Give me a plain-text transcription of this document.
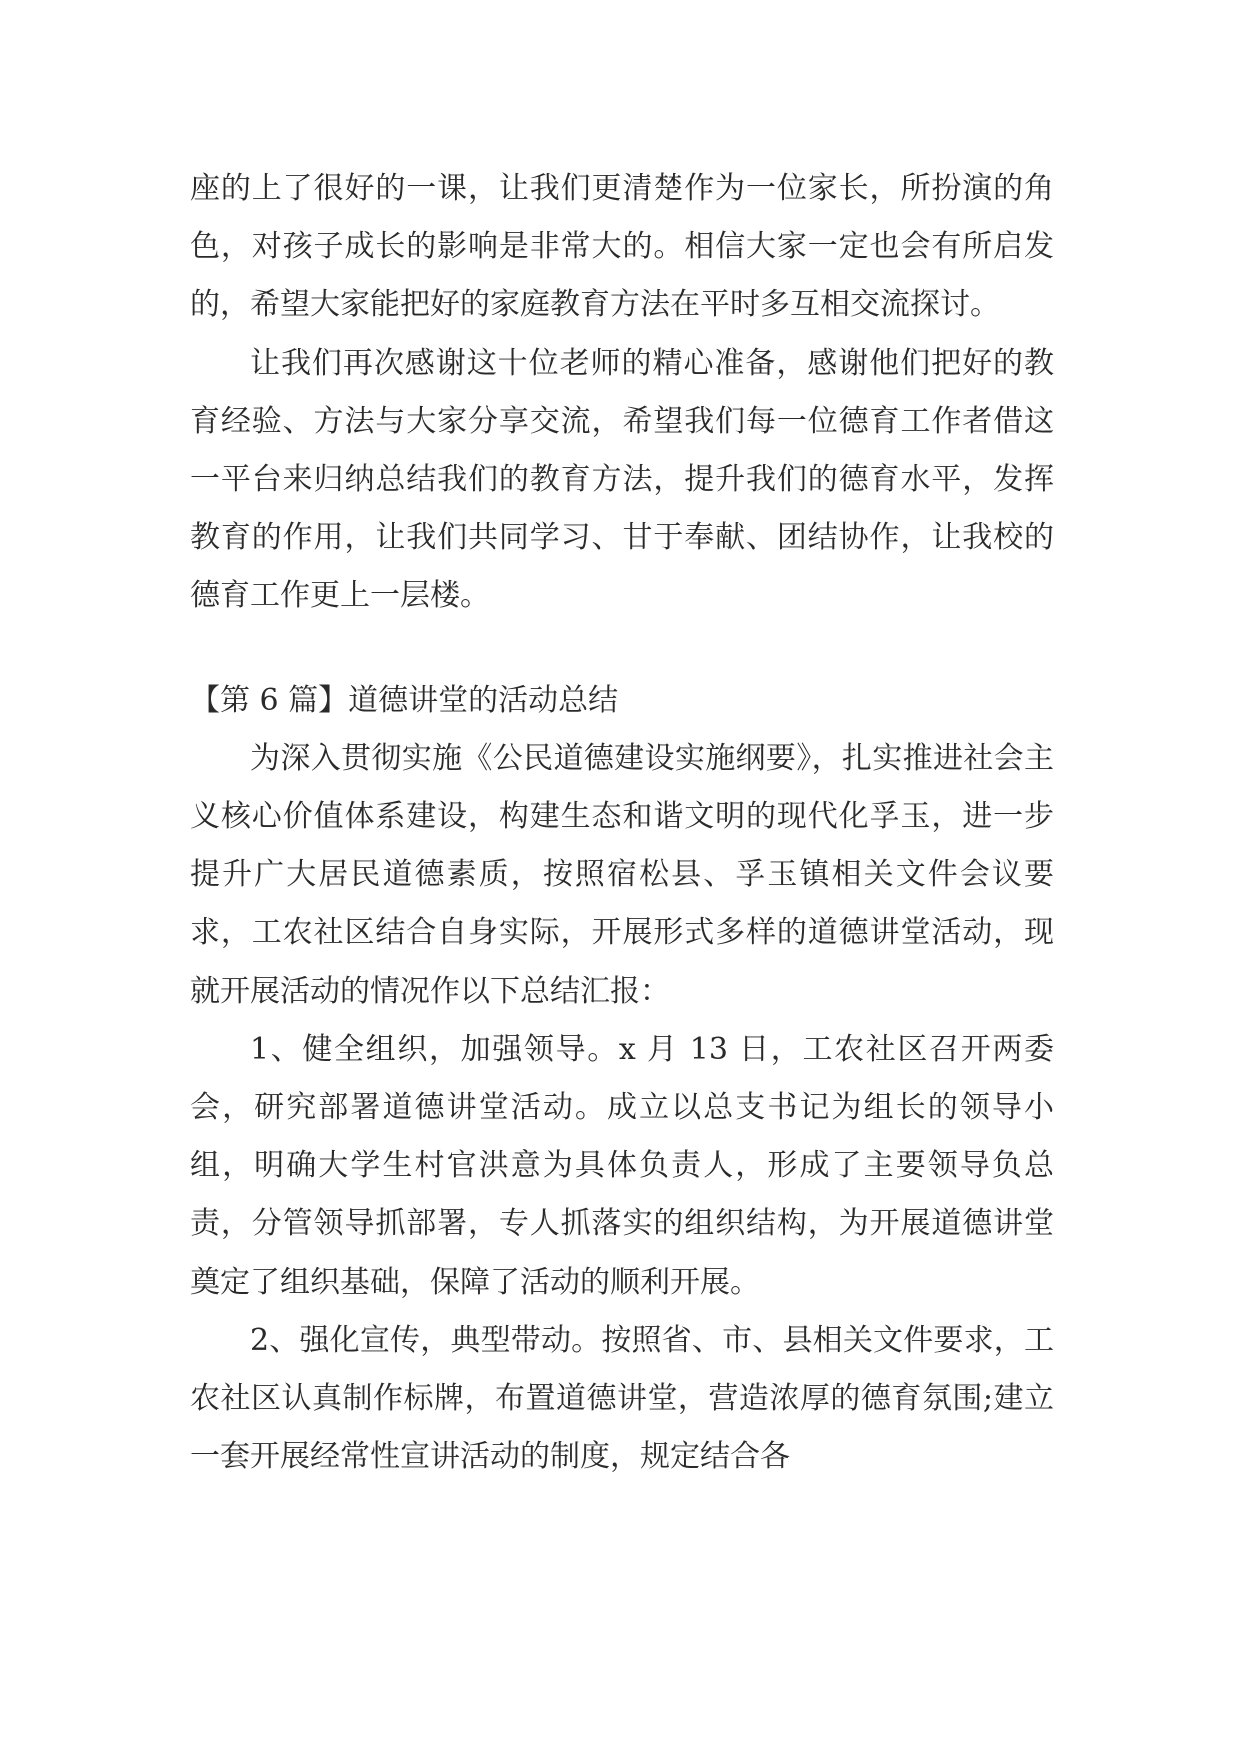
座的上了很好的一课，让我们更清楚作为一位家长，所扮演的角色，对孩子成长的影响是非常大的。相信大家一定也会有所启发的，希望大家能把好的家庭教育方法在平时多互相交流探讨。

让我们再次感谢这十位老师的精心准备，感谢他们把好的教育经验、方法与大家分享交流，希望我们每一位德育工作者借这一平台来归纳总结我们的教育方法，提升我们的德育水平，发挥教育的作用，让我们共同学习、甘于奉献、团结协作，让我校的德育工作更上一层楼。

【第 6 篇】道德讲堂的活动总结

为深入贯彻实施《公民道德建设实施纲要》，扎实推进社会主义核心价值体系建设，构建生态和谐文明的现代化孚玉，进一步提升广大居民道德素质，按照宿松县、孚玉镇相关文件会议要求，工农社区结合自身实际，开展形式多样的道德讲堂活动，现就开展活动的情况作以下总结汇报：

1、健全组织，加强领导。x 月 13 日，工农社区召开两委会，研究部署道德讲堂活动。成立以总支书记为组长的领导小组，明确大学生村官洪意为具体负责人，形成了主要领导负总责，分管领导抓部署，专人抓落实的组织结构，为开展道德讲堂奠定了组织基础，保障了活动的顺利开展。

2、强化宣传，典型带动。按照省、市、县相关文件要求，工农社区认真制作标牌，布置道德讲堂，营造浓厚的德育氛围;建立一套开展经常性宣讲活动的制度，规定结合各
